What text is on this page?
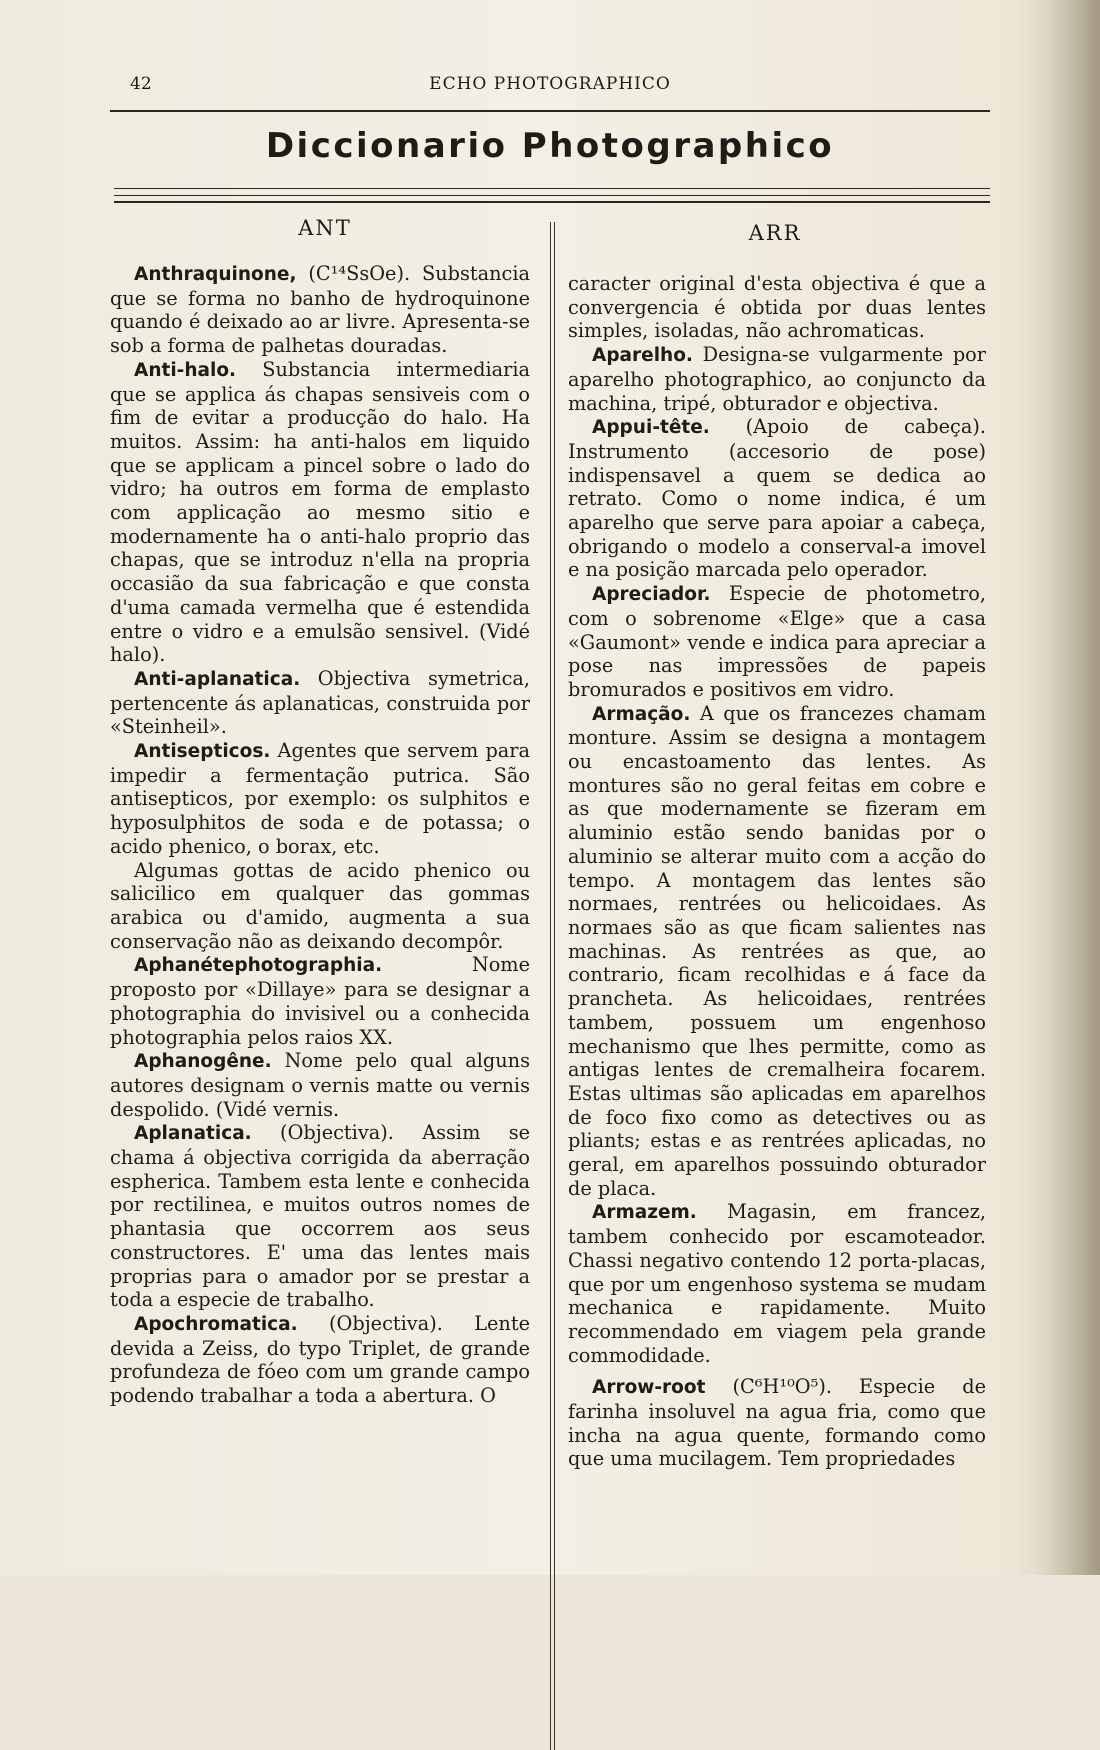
42	ECHO PHOTOGRAPHICO
Diccionario Photographico
ANT	ARR

Anthraquinone, (C¹⁴SsOe). Substancia que se forma no banho de hydroquinone quando é deixado ao ar livre. Apresenta-se sob a forma de palhetas douradas.

Anti-halo. Substancia intermediaria que se applica ás chapas sensiveis com o fim de evitar a producção do halo. Ha muitos. Assim: ha anti-halos em liquido que se applicam a pincel sobre o lado do vidro; ha outros em forma de emplasto com applicação ao mesmo sitio e modernamente ha o anti-halo proprio das chapas, que se introduz n'ella na propria occasião da sua fabricação e que consta d'uma camada vermelha que é estendida entre o vidro e a emulsão sensivel. (Vidé halo).

Anti-aplanatica. Objectiva symetrica, pertencente ás aplanaticas, construida por «Steinheil».

Antisepticos. Agentes que servem para impedir a fermentação putrica. São antisepticos, por exemplo: os sulphitos e hyposulphitos de soda e de potassa; o acido phenico, o borax, etc.

Algumas gottas de acido phenico ou salicilico em qualquer das gommas arabica ou d'amido, augmenta a sua conservação não as deixando decompôr.

Aphanétephotographia. Nome proposto por «Dillaye» para se designar a photographia do invisivel ou a conhecida photographia pelos raios XX.

Aphanogêne. Nome pelo qual alguns autores designam o vernis matte ou vernis despolido. (Vidé vernis.

Aplanatica. (Objectiva). Assim se chama á objectiva corrigida da aberração espherica. Tambem esta lente e conhecida por rectilinea, e muitos outros nomes de phantasia que occorrem aos seus constructores. E' uma das lentes mais proprias para o amador por se prestar a toda a especie de trabalho.

Apochromatica. (Objectiva). Lente devida a Zeiss, do typo Triplet, de grande profundeza de fóeo com um grande campo podendo trabalhar a toda a abertura. O

caracter original d'esta objectiva é que a convergencia é obtida por duas lentes simples, isoladas, não achromaticas.

Aparelho. Designa-se vulgarmente por aparelho photographico, ao conjuncto da machina, tripé, obturador e objectiva.

Appui-tête. (Apoio de cabeça). Instrumento (accesorio de pose) indispensavel a quem se dedica ao retrato. Como o nome indica, é um aparelho que serve para apoiar a cabeça, obrigando o modelo a conserval-a imovel e na posição marcada pelo operador.

Apreciador. Especie de photometro, com o sobrenome «Elge» que a casa «Gaumont» vende e indica para apreciar a pose nas impressões de papeis bromurados e positivos em vidro.

Armação. A que os francezes chamam monture. Assim se designa a montagem ou encastoamento das lentes. As montures são no geral feitas em cobre e as que modernamente se fizeram em aluminio estão sendo banidas por o aluminio se alterar muito com a acção do tempo. A montagem das lentes são normaes, rentrées ou helicoidaes. As normaes são as que ficam salientes nas machinas. As rentrées as que, ao contrario, ficam recolhidas e á face da prancheta. As helicoidaes, rentrées tambem, possuem um engenhoso mechanismo que lhes permitte, como as antigas lentes de cremalheira focarem. Estas ultimas são aplicadas em aparelhos de foco fixo como as detectives ou as pliants; estas e as rentrées aplicadas, no geral, em aparelhos possuindo obturador de placa.

Armazem. Magasin, em francez, tambem conhecido por escamoteador. Chassi negativo contendo 12 porta-placas, que por um engenhoso systema se mudam mechanica e rapidamente. Muito recommendado em viagem pela grande commodidade.

Arrow-root (C⁶H¹⁰O⁵). Especie de farinha insoluvel na agua fria, como que incha na agua quente, formando como que uma mucilagem. Tem propriedades
